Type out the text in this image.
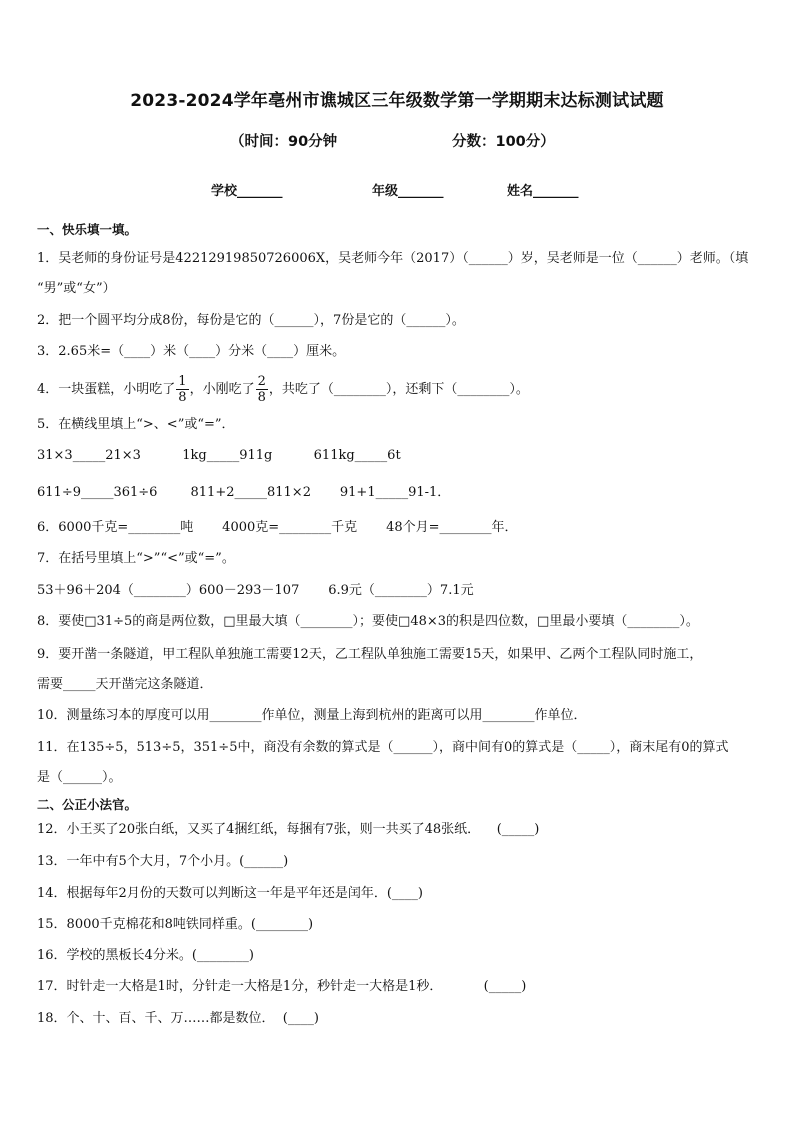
2023-2024学年亳州市谯城区三年级数学第一学期期末达标测试试题
（时间：90分钟	分数：100分）
学校_______	年级_______	姓名_______
一、快乐填一填。
1．吴老师的身份证号是42212919850726006X，吴老师今年（2017）（______）岁，吴老师是一位（______）老师。（填
“男”或“女”）
2．把一个圆平均分成8份，每份是它的（______），7份是它的（______）。
3．2.65米=（____）米（____）分米（____）厘米。
4．一块蛋糕，小明吃了 $\frac{1}{8}$ ，小刚吃了 $\frac{2}{8}$ ，共吃了（________），还剩下（________）。
5．在横线里填上“>、<”或“=”．
31×3_____21×3          1kg_____911g          611kg_____6t
611÷9_____361÷6        811+2_____811×2       91+1_____91-1．
6．6000千克=________吨       4000克=________千克       48个月=________年．
7．在括号里填上“>”“<”或“=”。
53＋96＋204（________）600－293－107       6.9元（________）7.1元
8．要使□31÷5的商是两位数，□里最大填（________）；要使□48×3的积是四位数，□里最小要填（________）。
9．要开凿一条隧道，甲工程队单独施工需要12天，乙工程队单独施工需要15天，如果甲、乙两个工程队同时施工，
需要_____天开凿完这条隧道．
10．测量练习本的厚度可以用________作单位，测量上海到杭州的距离可以用________作单位．
11．在135÷5，513÷5，351÷5中，商没有余数的算式是（______），商中间有0的算式是（_____），商末尾有0的算式
是（______）。
二、公正小法官。
12．小王买了20张白纸，又买了4捆红纸，每捆有7张，则一共买了48张纸．    (_____)
13．一年中有5个大月，7个小月。(______)
14．根据每年2月份的天数可以判断这一年是平年还是闰年．(____)
15．8000千克棉花和8吨铁同样重。(________)
16．学校的黑板长4分米。(________)
17．时针走一大格是1时，分针走一大格是1分，秒针走一大格是1秒．          (_____)
18．个、十、百、千、万……都是数位．  (____)
